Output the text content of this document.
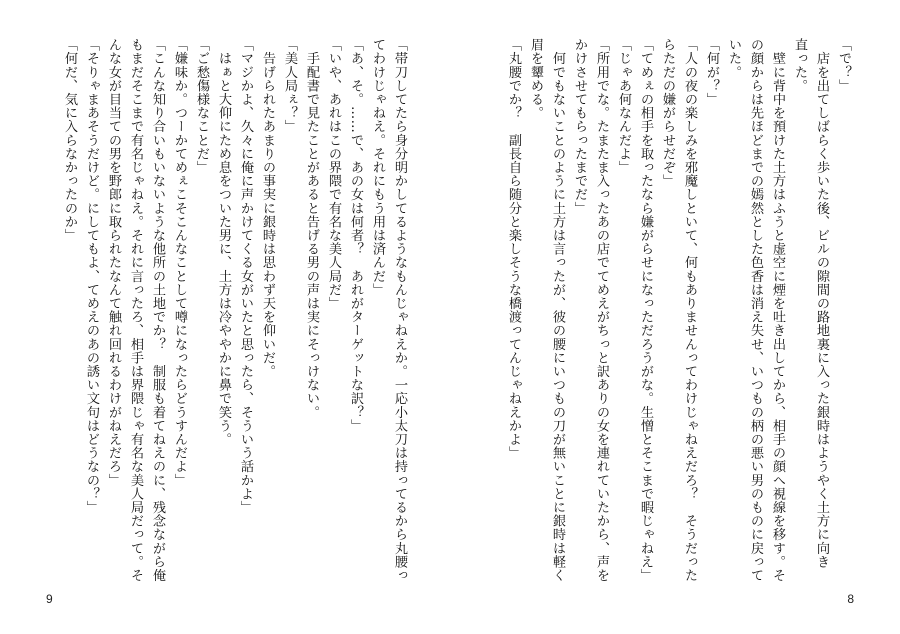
「帯刀してたら身分明かしてるようなもんじゃねえか。一応小太刀は持ってるから丸腰っ
てわけじゃねえ。それにもう用は済んだ」
「あ、そ。……で、あの女は何者？　あれがターゲットな訳？」
「いや、あれはこの界隈で有名な美人局だ」
　手配書で見たことがあると告げる男の声は実にそっけない。
「美人局ぇ？」
　告げられたあまりの事実に銀時は思わず天を仰いだ。
「マジかよ、久々に俺に声かけてくる女がいたと思ったら、そういう話かよ」
　はぁと大仰にため息をついた男に、土方は冷ややかに鼻で笑う。
「ご愁傷様なことだ」
「嫌味か。つーかてめぇこそこんなことして噂になったらどうすんだよ」
「こんな知り合いもいないような他所の土地でか？　制服も着てねえのに、残念ながら俺
もまだそこまで有名じゃねえ。それに言ったろ、相手は界隈じゃ有名な美人局だって。そ
んな女が目当ての男を野郎に取られたなんて触れ回れるわけがねえだろ」
「そりゃまあそうだけど。にしてもよ、てめえのあの誘い文句はどうなの？」
「何だ、気に入らなかったのか」
9
「で？」
　店を出てしばらく歩いた後、ビルの隙間の路地裏に入った銀時はようやく土方に向き
直った。
　壁に背中を預けた土方はふうと虚空に煙を吐き出してから、相手の顔へ視線を移す。そ
の顔からは先ほどまでの嫣然とした色香は消え失せ、いつもの柄の悪い男のものに戻って
いた。
「何が？」
「人の夜の楽しみを邪魔しといて、何もありませんってわけじゃねえだろ？　そうだった
らただの嫌がらせだぞ」
「てめぇの相手を取ったなら嫌がらせになっただろうがな。生憎とそこまで暇じゃねえ」
「じゃあ何なんだよ」
「所用でな。たまたま入ったあの店でてめえがちっと訳ありの女を連れていたから、声を
かけさせてもらったまでだ」
　何でもないことのように土方は言ったが、彼の腰にいつもの刀が無いことに銀時は軽く
眉を顰める。
「丸腰でか？　副長自ら随分と楽しそうな橋渡ってんじゃねえかよ」
8
